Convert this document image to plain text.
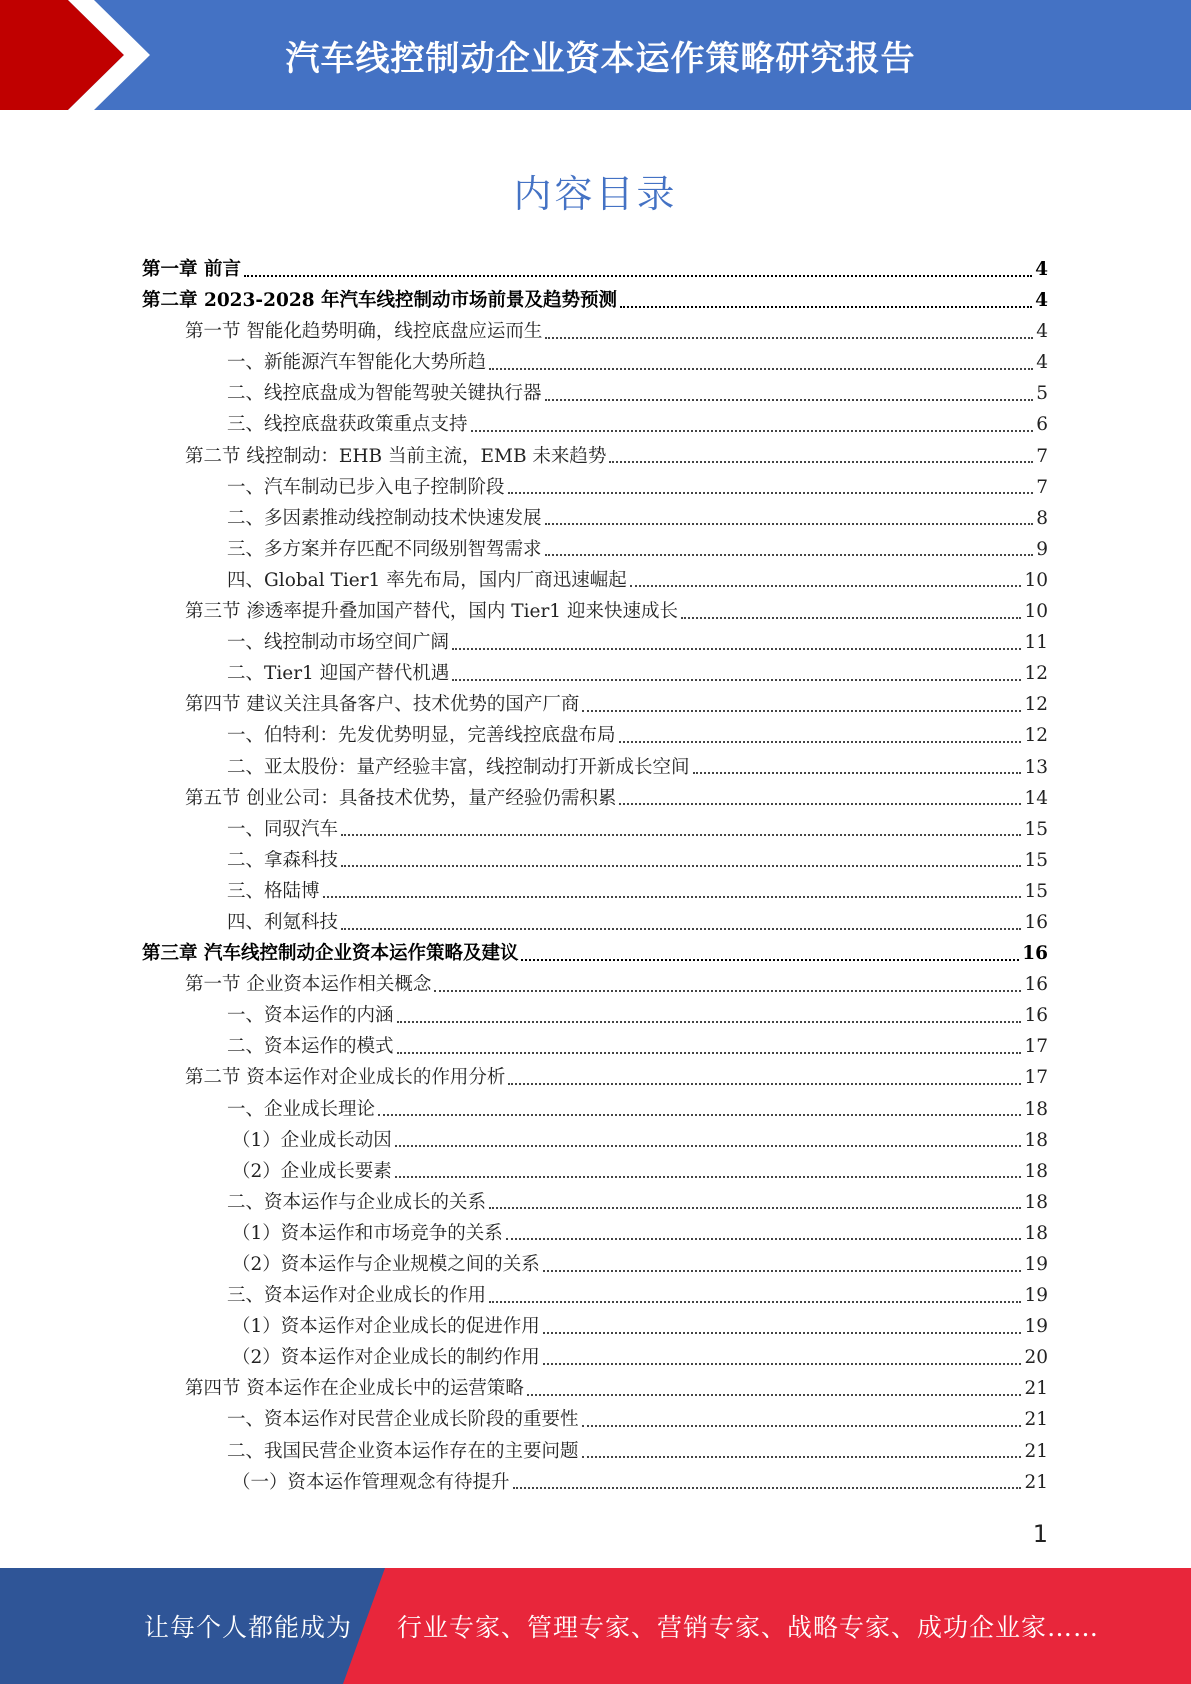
汽车线控制动企业资本运作策略研究报告
内容目录
第一章 前言	4
第二章 2023-2028 年汽车线控制动市场前景及趋势预测	4
第一节 智能化趋势明确，线控底盘应运而生	4
一、新能源汽车智能化大势所趋	4
二、线控底盘成为智能驾驶关键执行器	5
三、线控底盘获政策重点支持	6
第二节 线控制动：EHB 当前主流，EMB 未来趋势	7
一、汽车制动已步入电子控制阶段	7
二、多因素推动线控制动技术快速发展	8
三、多方案并存匹配不同级别智驾需求	9
四、Global Tier1 率先布局，国内厂商迅速崛起	10
第三节 渗透率提升叠加国产替代，国内 Tier1 迎来快速成长	10
一、线控制动市场空间广阔	11
二、Tier1 迎国产替代机遇	12
第四节 建议关注具备客户、技术优势的国产厂商	12
一、伯特利：先发优势明显，完善线控底盘布局	12
二、亚太股份：量产经验丰富，线控制动打开新成长空间	13
第五节 创业公司：具备技术优势，量产经验仍需积累	14
一、同驭汽车	15
二、拿森科技	15
三、格陆博	15
四、利氪科技	16
第三章 汽车线控制动企业资本运作策略及建议	16
第一节 企业资本运作相关概念	16
一、资本运作的内涵	16
二、资本运作的模式	17
第二节 资本运作对企业成长的作用分析	17
一、企业成长理论	18
（1）企业成长动因	18
（2）企业成长要素	18
二、资本运作与企业成长的关系	18
（1）资本运作和市场竞争的关系	18
（2）资本运作与企业规模之间的关系	19
三、资本运作对企业成长的作用	19
（1）资本运作对企业成长的促进作用	19
（2）资本运作对企业成长的制约作用	20
第四节 资本运作在企业成长中的运营策略	21
一、资本运作对民营企业成长阶段的重要性	21
二、我国民营企业资本运作存在的主要问题	21
（一）资本运作管理观念有待提升	21
1
让每个人都能成为 行业专家、管理专家、营销专家、战略专家、成功企业家……
